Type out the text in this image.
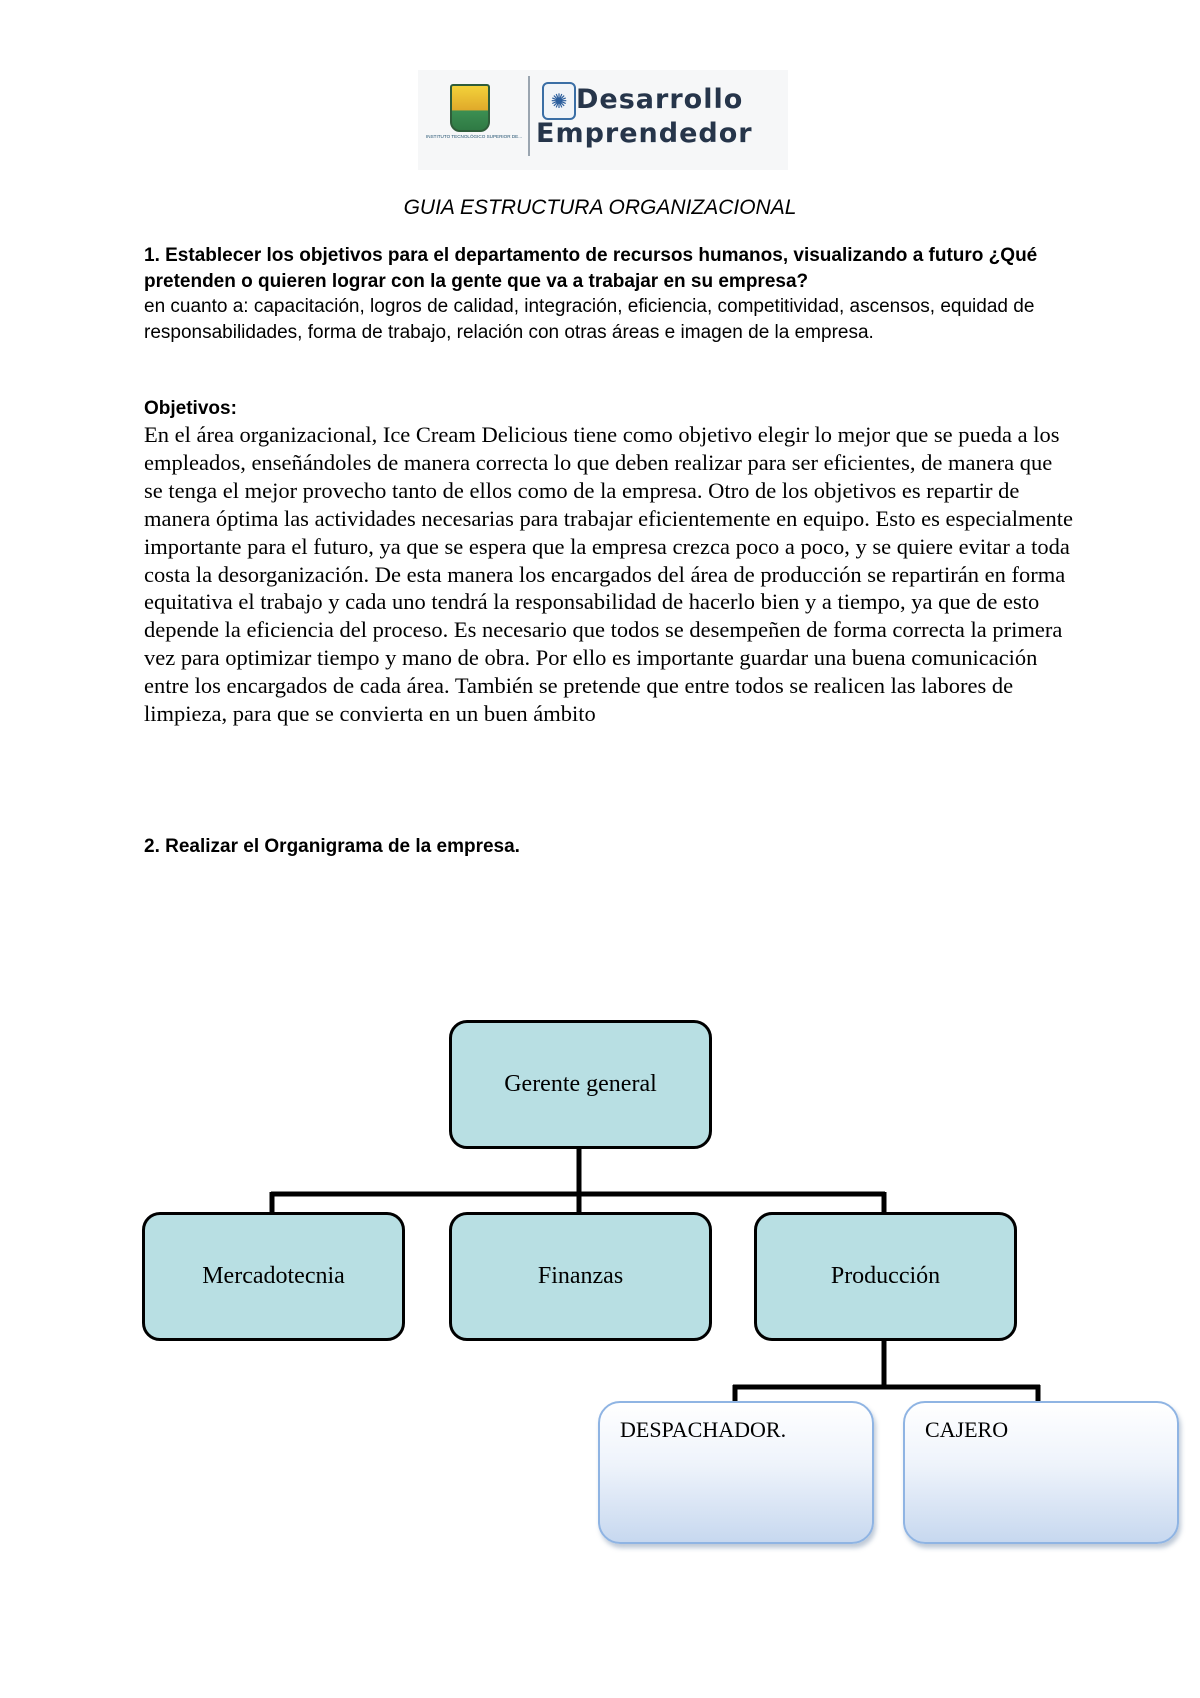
INSTITUTO TECNOLÓGICO SUPERIOR DE...
✺ Desarrollo
Emprendedor
GUIA ESTRUCTURA ORGANIZACIONAL
1. Establecer los objetivos para el departamento de recursos humanos, visualizando a futuro ¿Qué pretenden o quieren lograr con la gente que va a trabajar en su empresa?
en cuanto a: capacitación, logros de calidad, integración, eficiencia, competitividad, ascensos, equidad de responsabilidades, forma de trabajo, relación con otras áreas e imagen de la empresa.
Objetivos:
En el área organizacional, Ice Cream Delicious tiene como objetivo elegir lo mejor que se pueda a los empleados, enseñándoles de manera correcta lo que deben realizar para ser eficientes, de manera que se tenga el mejor provecho tanto de ellos como de la empresa. Otro de los objetivos es repartir de manera óptima las actividades necesarias para trabajar eficientemente en equipo. Esto es especialmente importante para el futuro, ya que se espera que la empresa crezca poco a poco, y se quiere evitar a toda costa la desorganización. De esta manera los encargados del área de producción se repartirán en forma equitativa el trabajo y cada uno tendrá la responsabilidad de hacerlo bien y a tiempo, ya que de esto depende la eficiencia del proceso. Es necesario que todos se desempeñen de forma correcta la primera vez para optimizar tiempo y mano de obra. Por ello es importante guardar una buena comunicación entre los encargados de cada área. También se pretende que entre todos se realicen las labores de limpieza, para que se convierta en un buen ámbito
2. Realizar el Organigrama de la empresa.
Gerente general
Mercadotecnia	Finanzas	Producción
DESPACHADOR.	CAJERO
